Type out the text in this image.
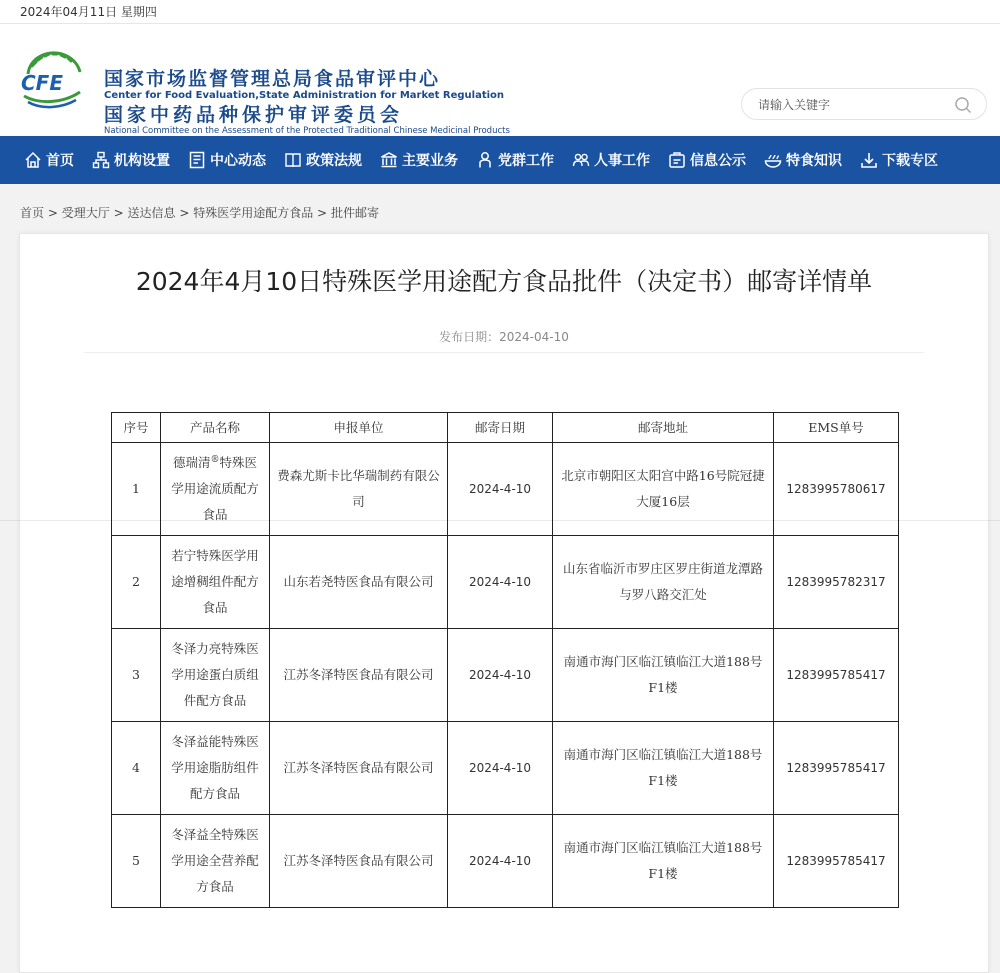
2024年04月11日 星期四
CFE 国家市场监督管理总局食品审评中心
Center for Food Evaluation,State Administration for Market Regulation
国家中药品种保护审评委员会
National Committee on the Assessment of the Protected Traditional Chinese Medicinal Products
请输入关键字
首页	机构设置	中心动态	政策法规	主要业务	党群工作	人事工作	信息公示	特食知识	下载专区
首页 > 受理大厅 > 送达信息 > 特殊医学用途配方食品 > 批件邮寄
2024年4月10日特殊医学用途配方食品批件（决定书）邮寄详情单
发布日期：2024-04-10
序号	产品名称	申报单位	邮寄日期	邮寄地址	EMS单号
1	德瑞清®特殊医学用途流质配方食品	费森尤斯卡比华瑞制药有限公司	2024-4-10	北京市朝阳区太阳宫中路16号院冠捷大厦16层	1283995780617
2	若宁特殊医学用途增稠组件配方食品	山东若尧特医食品有限公司	2024-4-10	山东省临沂市罗庄区罗庄街道龙潭路与罗八路交汇处	1283995782317
3	冬泽力亮特殊医学用途蛋白质组件配方食品	江苏冬泽特医食品有限公司	2024-4-10	南通市海门区临江镇临江大道188号F1楼	1283995785417
4	冬泽益能特殊医学用途脂肪组件配方食品	江苏冬泽特医食品有限公司	2024-4-10	南通市海门区临江镇临江大道188号F1楼	1283995785417
5	冬泽益全特殊医学用途全营养配方食品	江苏冬泽特医食品有限公司	2024-4-10	南通市海门区临江镇临江大道188号F1楼	1283995785417
